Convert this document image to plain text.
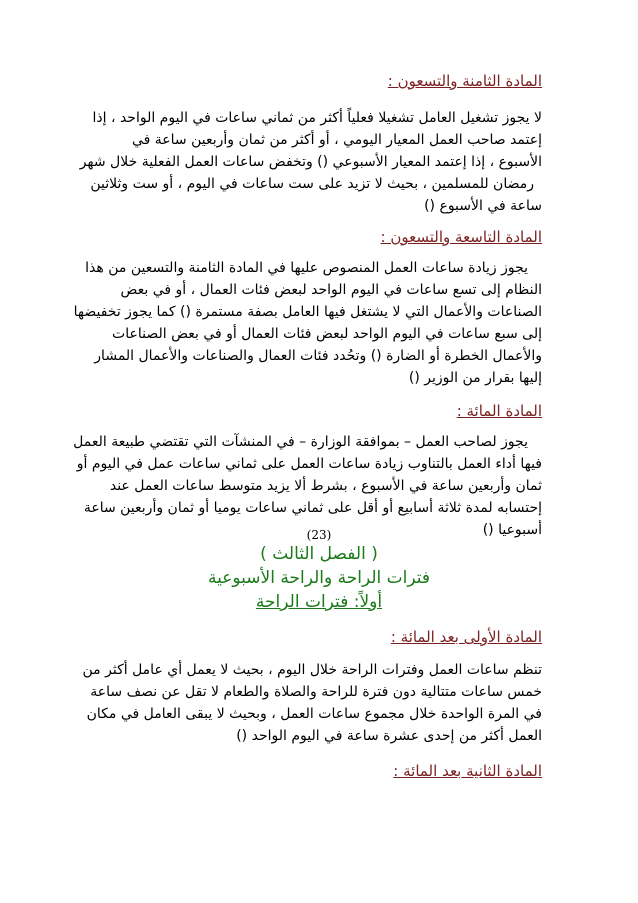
المادة الثامنة والتسعون :
لا يجوز تشغيل العامل تشغيلا فعلياً أكثر من ثماني ساعات في اليوم الواحد ، إذا
إعتمد صاحب العمل المعيار اليومي ، أو أكثر من ثمان وأربعين ساعة في
الأسبوع ، إذا إعتمد المعيار الأسبوعي () وتخفض ساعات العمل الفعلية خلال شهر
رمضان للمسلمين ، بحيث لا تزيد على ست ساعات في اليوم ، أو ست وثلاثين
ساعة في الأسبوع ()
المادة التاسعة والتسعون :
يجوز زيادة ساعات العمل المنصوص عليها في المادة الثامنة والتسعين من هذا
النظام إلى تسع ساعات في اليوم الواحد لبعض فئات العمال ، أو في بعض
الصناعات والأعمال التي لا يشتغل فيها العامل بصفة مستمرة () كما يجوز تخفيضها
إلى سبع ساعات في اليوم الواحد لبعض فئات العمال أو في بعض الصناعات
والأعمال الخطرة أو الضارة () وتحُدد فئات العمال والصناعات والأعمال المشار
إليها بقرار من الوزير ()
المادة المائة :
يجوز لصاحب العمل – بموافقة الوزارة – في المنشآت التي تقتضي طبيعة العمل
فيها أداء العمل بالتناوب زيادة ساعات العمل على ثماني ساعات عمل في اليوم أو
ثمان وأربعين ساعة في الأسبوع ، بشرط ألا يزيد متوسط ساعات العمل عند
إحتسابه لمدة ثلاثة أسابيع أو أقل على ثماني ساعات يوميا أو ثمان وأربعين ساعة
أسبوعيا ()
(23)
( الفصل الثالث )
فترات الراحة والراحة الأسبوعية
أولاً: فترات الراحة
المادة الأولى بعد المائة :
تنظم ساعات العمل وفترات الراحة خلال اليوم ، بحيث لا يعمل أي عامل أكثر من
خمس ساعات متتالية دون فترة للراحة والصلاة والطعام لا تقل عن نصف ساعة
في المرة الواحدة خلال مجموع ساعات العمل ، وبحيث لا يبقى العامل في مكان
العمل أكثر من إحدى عشرة ساعة في اليوم الواحد ()
المادة الثانية بعد المائة :
